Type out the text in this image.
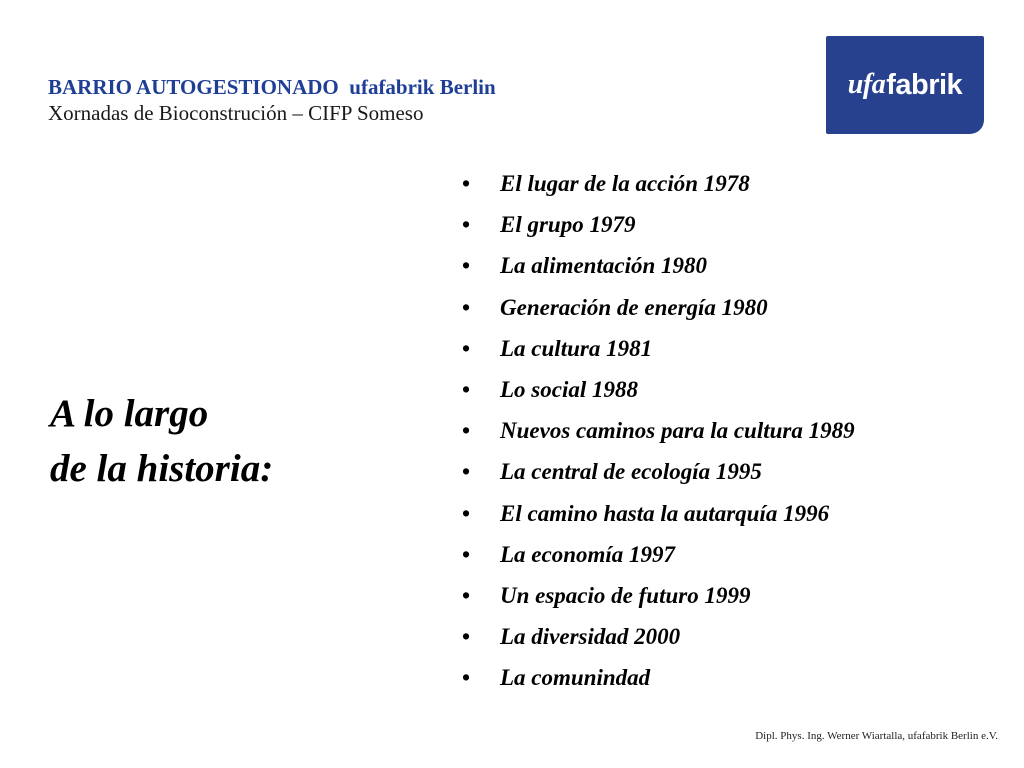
BARRIO AUTOGESTIONADO ufafabrik Berlin
Xornadas de Bioconstrución – CIFP Someso
ufa fabrik
A lo largo
de la historia:
• El lugar de la acción 1978
• El grupo 1979
• La alimentación 1980
• Generación de energía 1980
• La cultura 1981
• Lo social 1988
• Nuevos caminos para la cultura 1989
• La central de ecología 1995
• El camino hasta la autarquía 1996
• La economía 1997
• Un espacio de futuro 1999
• La diversidad 2000
• La comunindad
Dipl. Phys. Ing. Werner Wiartalla, ufafabrik Berlin e.V.
